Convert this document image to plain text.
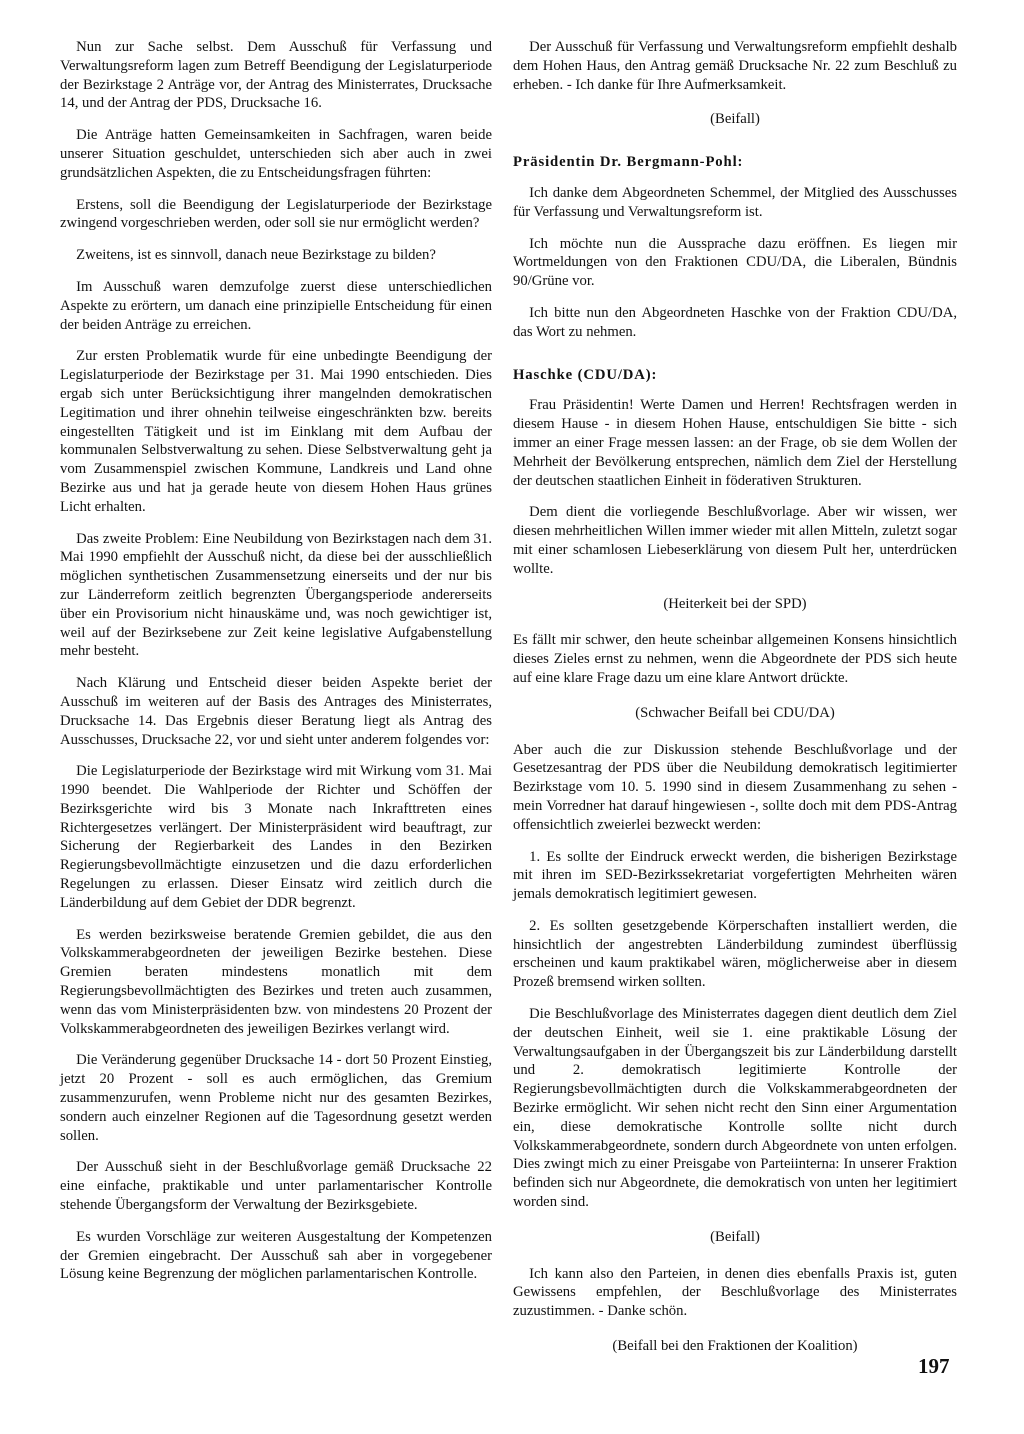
Nun zur Sache selbst. Dem Ausschuß für Verfassung und Verwaltungsreform lagen zum Betreff Beendigung der Legislaturperiode der Bezirkstage 2 Anträge vor, der Antrag des Ministerrates, Drucksache 14, und der Antrag der PDS, Drucksache 16.

Die Anträge hatten Gemeinsamkeiten in Sachfragen, waren beide unserer Situation geschuldet, unterschieden sich aber auch in zwei grundsätzlichen Aspekten, die zu Entscheidungsfragen führten:

Erstens, soll die Beendigung der Legislaturperiode der Bezirkstage zwingend vorgeschrieben werden, oder soll sie nur ermöglicht werden?

Zweitens, ist es sinnvoll, danach neue Bezirkstage zu bilden?

Im Ausschuß waren demzufolge zuerst diese unterschiedlichen Aspekte zu erörtern, um danach eine prinzipielle Entscheidung für einen der beiden Anträge zu erreichen.

Zur ersten Problematik wurde für eine unbedingte Beendigung der Legislaturperiode der Bezirkstage per 31. Mai 1990 entschieden. Dies ergab sich unter Berücksichtigung ihrer mangelnden demokratischen Legitimation und ihrer ohnehin teilweise eingeschränkten bzw. bereits eingestellten Tätigkeit und ist im Einklang mit dem Aufbau der kommunalen Selbstverwaltung zu sehen. Diese Selbstverwaltung geht ja vom Zusammenspiel zwischen Kommune, Landkreis und Land ohne Bezirke aus und hat ja gerade heute von diesem Hohen Haus grünes Licht erhalten.

Das zweite Problem: Eine Neubildung von Bezirkstagen nach dem 31. Mai 1990 empfiehlt der Ausschuß nicht, da diese bei der ausschließlich möglichen synthetischen Zusammensetzung einerseits und der nur bis zur Länderreform zeitlich begrenzten Übergangsperiode andererseits über ein Provisorium nicht hinauskäme und, was noch gewichtiger ist, weil auf der Bezirksebene zur Zeit keine legislative Aufgabenstellung mehr besteht.

Nach Klärung und Entscheid dieser beiden Aspekte beriet der Ausschuß im weiteren auf der Basis des Antrages des Ministerrates, Drucksache 14. Das Ergebnis dieser Beratung liegt als Antrag des Ausschusses, Drucksache 22, vor und sieht unter anderem folgendes vor:

Die Legislaturperiode der Bezirkstage wird mit Wirkung vom 31. Mai 1990 beendet. Die Wahlperiode der Richter und Schöffen der Bezirksgerichte wird bis 3 Monate nach Inkrafttreten eines Richtergesetzes verlängert. Der Ministerpräsident wird beauftragt, zur Sicherung der Regierbarkeit des Landes in den Bezirken Regierungsbevollmächtigte einzusetzen und die dazu erforderlichen Regelungen zu erlassen. Dieser Einsatz wird zeitlich durch die Länderbildung auf dem Gebiet der DDR begrenzt.

Es werden bezirksweise beratende Gremien gebildet, die aus den Volkskammerabgeordneten der jeweiligen Bezirke bestehen. Diese Gremien beraten mindestens monatlich mit dem Regierungsbevollmächtigten des Bezirkes und treten auch zusammen, wenn das vom Ministerpräsidenten bzw. von mindestens 20 Prozent der Volkskammerabgeordneten des jeweiligen Bezirkes verlangt wird.

Die Veränderung gegenüber Drucksache 14 - dort 50 Prozent Einstieg, jetzt 20 Prozent - soll es auch ermöglichen, das Gremium zusammenzurufen, wenn Probleme nicht nur des gesamten Bezirkes, sondern auch einzelner Regionen auf die Tagesordnung gesetzt werden sollen.

Der Ausschuß sieht in der Beschlußvorlage gemäß Drucksache 22 eine einfache, praktikable und unter parlamentarischer Kontrolle stehende Übergangsform der Verwaltung der Bezirksgebiete.

Es wurden Vorschläge zur weiteren Ausgestaltung der Kompetenzen der Gremien eingebracht. Der Ausschuß sah aber in vorgegebener Lösung keine Begrenzung der möglichen parlamentarischen Kontrolle.

Der Ausschuß für Verfassung und Verwaltungsreform empfiehlt deshalb dem Hohen Haus, den Antrag gemäß Drucksache Nr. 22 zum Beschluß zu erheben. - Ich danke für Ihre Aufmerksamkeit.

(Beifall)

Präsidentin Dr. Bergmann-Pohl:

Ich danke dem Abgeordneten Schemmel, der Mitglied des Ausschusses für Verfassung und Verwaltungsreform ist.

Ich möchte nun die Aussprache dazu eröffnen. Es liegen mir Wortmeldungen von den Fraktionen CDU/DA, die Liberalen, Bündnis 90/Grüne vor.

Ich bitte nun den Abgeordneten Haschke von der Fraktion CDU/DA, das Wort zu nehmen.

Haschke (CDU/DA):

Frau Präsidentin! Werte Damen und Herren! Rechtsfragen werden in diesem Hause - in diesem Hohen Hause, entschuldigen Sie bitte - sich immer an einer Frage messen lassen: an der Frage, ob sie dem Wollen der Mehrheit der Bevölkerung entsprechen, nämlich dem Ziel der Herstellung der deutschen staatlichen Einheit in föderativen Strukturen.

Dem dient die vorliegende Beschlußvorlage. Aber wir wissen, wer diesen mehrheitlichen Willen immer wieder mit allen Mitteln, zuletzt sogar mit einer schamlosen Liebeserklärung von diesem Pult her, unterdrücken wollte.

(Heiterkeit bei der SPD)

Es fällt mir schwer, den heute scheinbar allgemeinen Konsens hinsichtlich dieses Zieles ernst zu nehmen, wenn die Abgeordnete der PDS sich heute auf eine klare Frage dazu um eine klare Antwort drückte.

(Schwacher Beifall bei CDU/DA)

Aber auch die zur Diskussion stehende Beschlußvorlage und der Gesetzesantrag der PDS über die Neubildung demokratisch legitimierter Bezirkstage vom 10. 5. 1990 sind in diesem Zusammenhang zu sehen - mein Vorredner hat darauf hingewiesen -, sollte doch mit dem PDS-Antrag offensichtlich zweierlei bezweckt werden:

1. Es sollte der Eindruck erweckt werden, die bisherigen Bezirkstage mit ihren im SED-Bezirkssekretariat vorgefertigten Mehrheiten wären jemals demokratisch legitimiert gewesen.

2. Es sollten gesetzgebende Körperschaften installiert werden, die hinsichtlich der angestrebten Länderbildung zumindest überflüssig erscheinen und kaum praktikabel wären, möglicherweise aber in diesem Prozeß bremsend wirken sollten.

Die Beschlußvorlage des Ministerrates dagegen dient deutlich dem Ziel der deutschen Einheit, weil sie 1. eine praktikable Lösung der Verwaltungsaufgaben in der Übergangszeit bis zur Länderbildung darstellt und 2. demokratisch legitimierte Kontrolle der Regierungsbevollmächtigten durch die Volkskammerabgeordneten der Bezirke ermöglicht. Wir sehen nicht recht den Sinn einer Argumentation ein, diese demokratische Kontrolle sollte nicht durch Volkskammerabgeordnete, sondern durch Abgeordnete von unten erfolgen. Dies zwingt mich zu einer Preisgabe von Parteiinterna: In unserer Fraktion befinden sich nur Abgeordnete, die demokratisch von unten her legitimiert worden sind.

(Beifall)

Ich kann also den Parteien, in denen dies ebenfalls Praxis ist, guten Gewissens empfehlen, der Beschlußvorlage des Ministerrates zuzustimmen. - Danke schön.

(Beifall bei den Fraktionen der Koalition)

197
